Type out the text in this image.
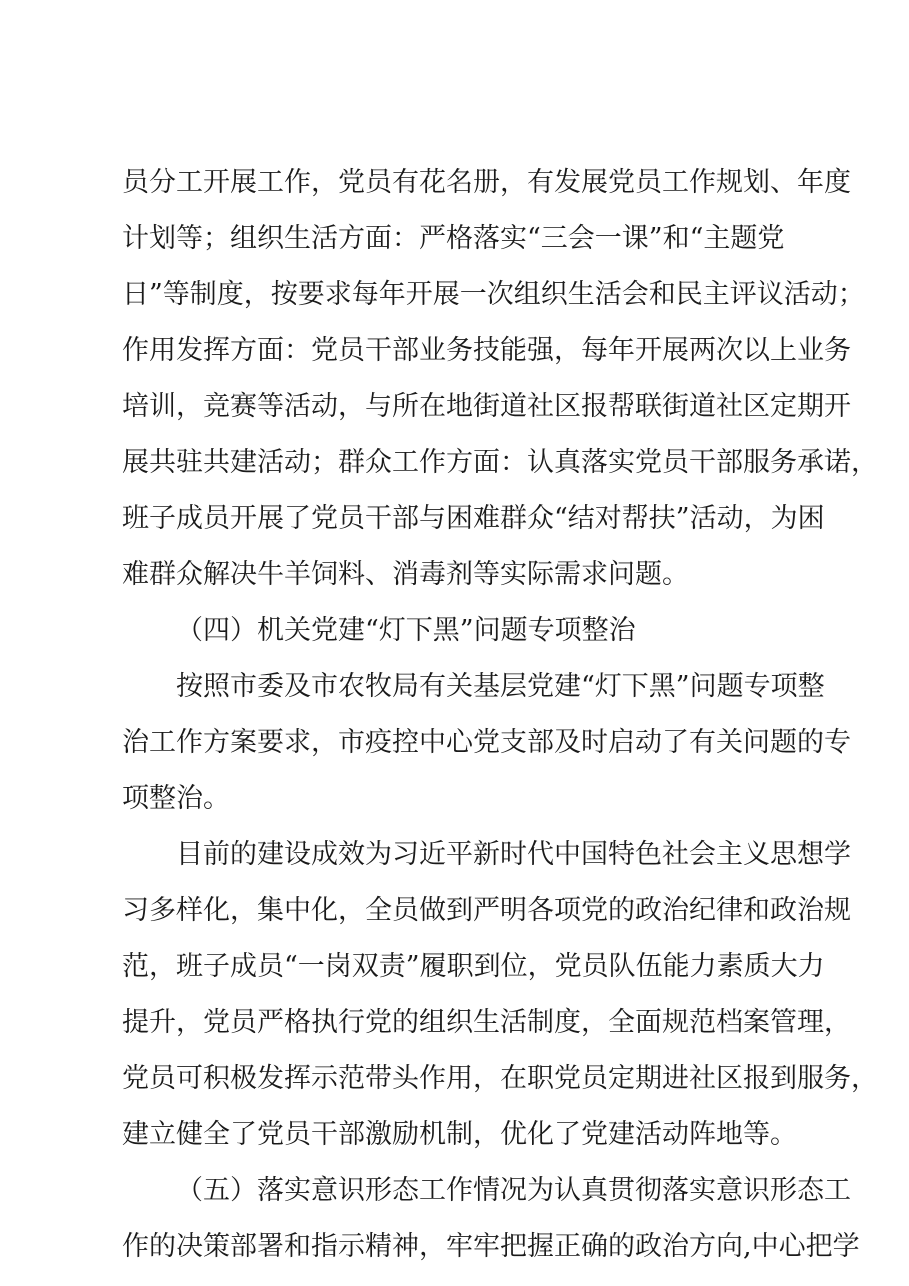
员分工开展工作，党员有花名册，有发展党员工作规划、年度
计划等；组织生活方面：严格落实“三会一课”和“主题党
日”等制度，按要求每年开展一次组织生活会和民主评议活动；
作用发挥方面：党员干部业务技能强，每年开展两次以上业务
培训，竞赛等活动，与所在地街道社区报帮联街道社区定期开
展共驻共建活动；群众工作方面：认真落实党员干部服务承诺，
班子成员开展了党员干部与困难群众“结对帮扶”活动，为困
难群众解决牛羊饲料、消毒剂等实际需求问题。
（四）机关党建“灯下黑”问题专项整治
按照市委及市农牧局有关基层党建“灯下黑”问题专项整
治工作方案要求，市疫控中心党支部及时启动了有关问题的专
项整治。
目前的建设成效为习近平新时代中国特色社会主义思想学
习多样化，集中化，全员做到严明各项党的政治纪律和政治规
范，班子成员“一岗双责”履职到位，党员队伍能力素质大力
提升，党员严格执行党的组织生活制度，全面规范档案管理，
党员可积极发挥示范带头作用，在职党员定期进社区报到服务，
建立健全了党员干部激励机制，优化了党建活动阵地等。
（五）落实意识形态工作情况为认真贯彻落实意识形态工
作的决策部署和指示精神，牢牢把握正确的政治方向,中心把学
